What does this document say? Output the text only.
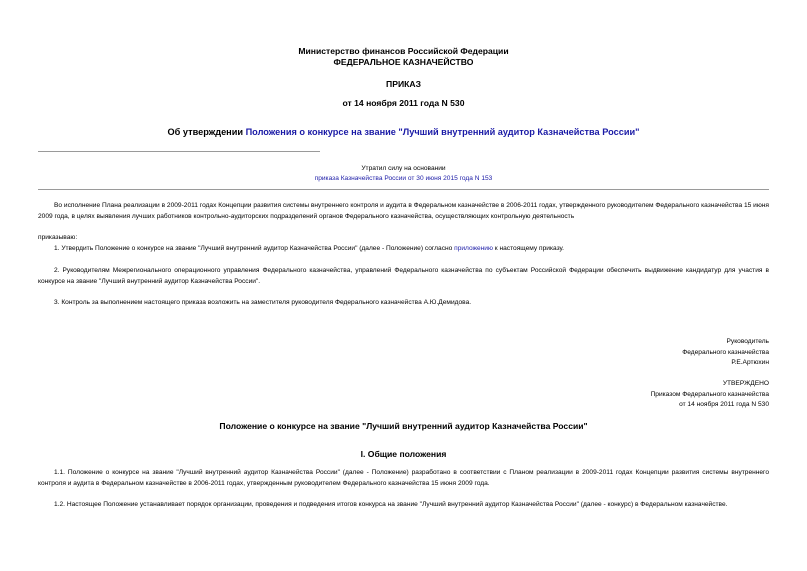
Министерство финансов Российской Федерации
ФЕДЕРАЛЬНОЕ КАЗНАЧЕЙСТВО
ПРИКАЗ
от 14 ноября 2011 года N 530
Об утверждении Положения о конкурсе на звание "Лучший внутренний аудитор Казначейства России"
Утратил силу на основании
приказа Казначейства России от 30 июня 2015 года N 153
Во исполнение Плана реализации в 2009-2011 годах Концепции развития системы внутреннего контроля и аудита в Федеральном казначействе в 2006-2011 годах, утвержденного руководителем Федерального казначейства 15 июня 2009 года, в целях выявления лучших работников контрольно-аудиторских подразделений органов Федерального казначейства, осуществляющих контрольную деятельность
приказываю:
1. Утвердить Положение о конкурсе на звание "Лучший внутренний аудитор Казначейства России" (далее - Положение) согласно приложению к настоящему приказу.
2. Руководителям Межрегионального операционного управления Федерального казначейства, управлений Федерального казначейства по субъектам Российской Федерации обеспечить выдвижение кандидатур для участия в конкурсе на звание "Лучший внутренний аудитор Казначейства России".
3. Контроль за выполнением настоящего приказа возложить на заместителя руководителя Федерального казначейства А.Ю.Демидова.
Руководитель
Федерального казначейства
Р.Е.Артюхин
УТВЕРЖДЕНО
Приказом Федерального казначейства
от 14 ноября 2011 года N 530
Положение о конкурсе на звание "Лучший внутренний аудитор Казначейства России"
I. Общие положения
1.1. Положение о конкурсе на звание "Лучший внутренний аудитор Казначейства России" (далее - Положение) разработано в соответствии с Планом реализации в 2009-2011 годах Концепции развития системы внутреннего контроля и аудита в Федеральном казначействе в 2006-2011 годах, утвержденным руководителем Федерального казначейства 15 июня 2009 года.
1.2. Настоящее Положение устанавливает порядок организации, проведения и подведения итогов конкурса на звание "Лучший внутренний аудитор Казначейства России" (далее - конкурс) в Федеральном казначействе.
